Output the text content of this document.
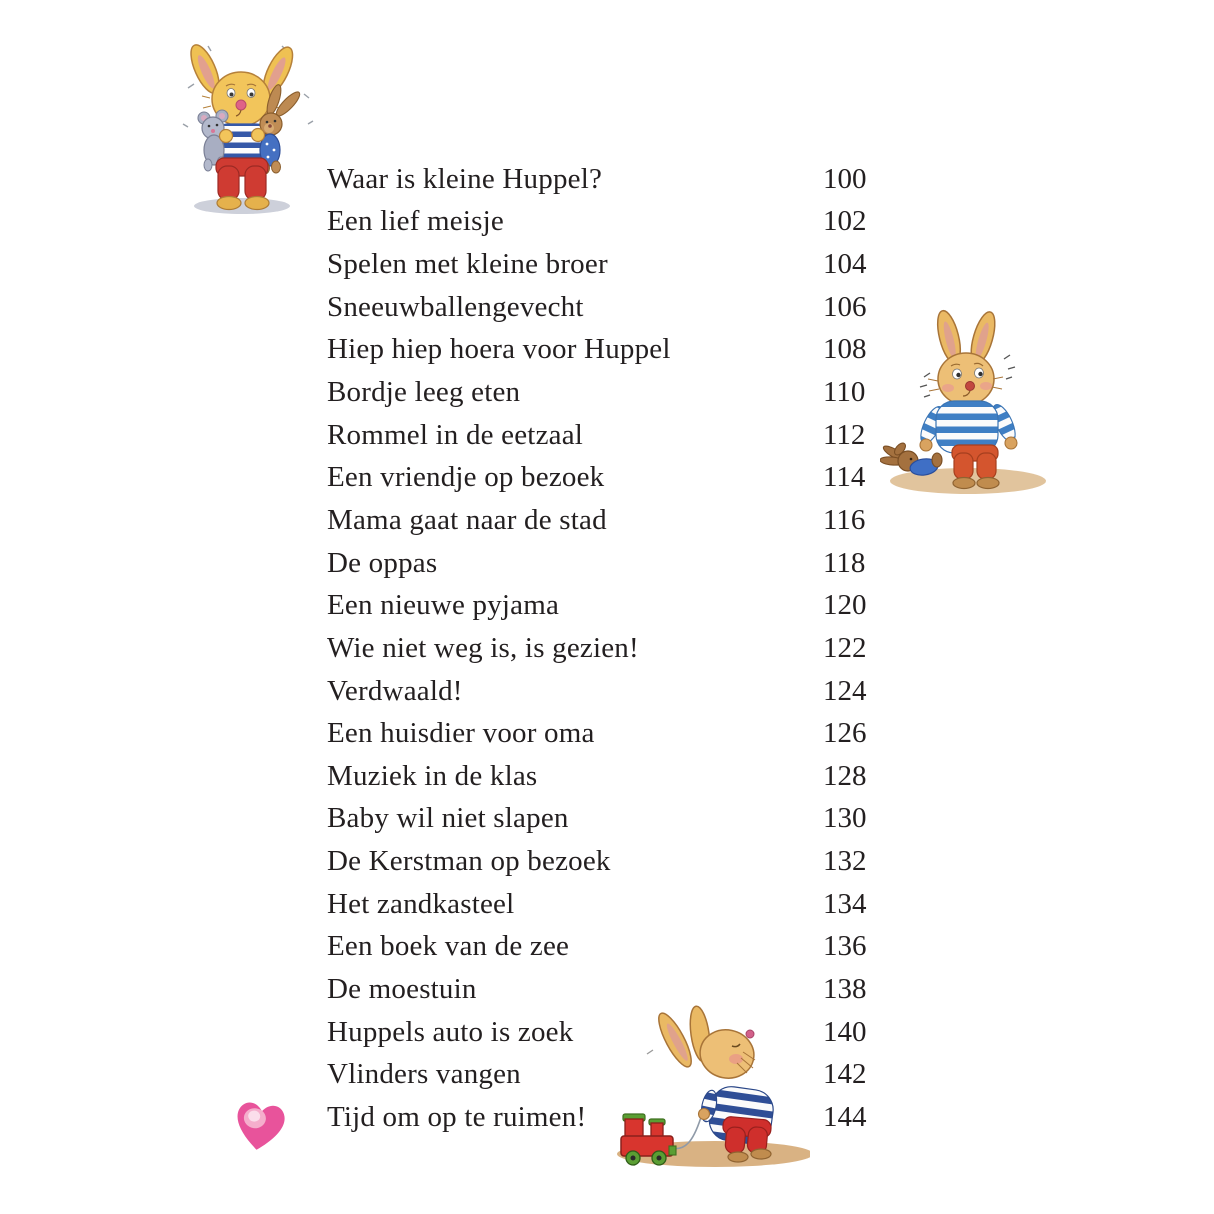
Waar is kleine Huppel?	100
Een lief meisje	102
Spelen met kleine broer	104
Sneeuwballengevecht	106
Hiep hiep hoera voor Huppel	108
Bordje leeg eten	110
Rommel in de eetzaal	112
Een vriendje op bezoek	114
Mama gaat naar de stad	116
De oppas	118
Een nieuwe pyjama	120
Wie niet weg is, is gezien!	122
Verdwaald!	124
Een huisdier voor oma	126
Muziek in de klas	128
Baby wil niet slapen	130
De Kerstman op bezoek	132
Het zandkasteel	134
Een boek van de zee	136
De moestuin	138
Huppels auto is zoek	140
Vlinders vangen	142
Tijd om op te ruimen!	144
